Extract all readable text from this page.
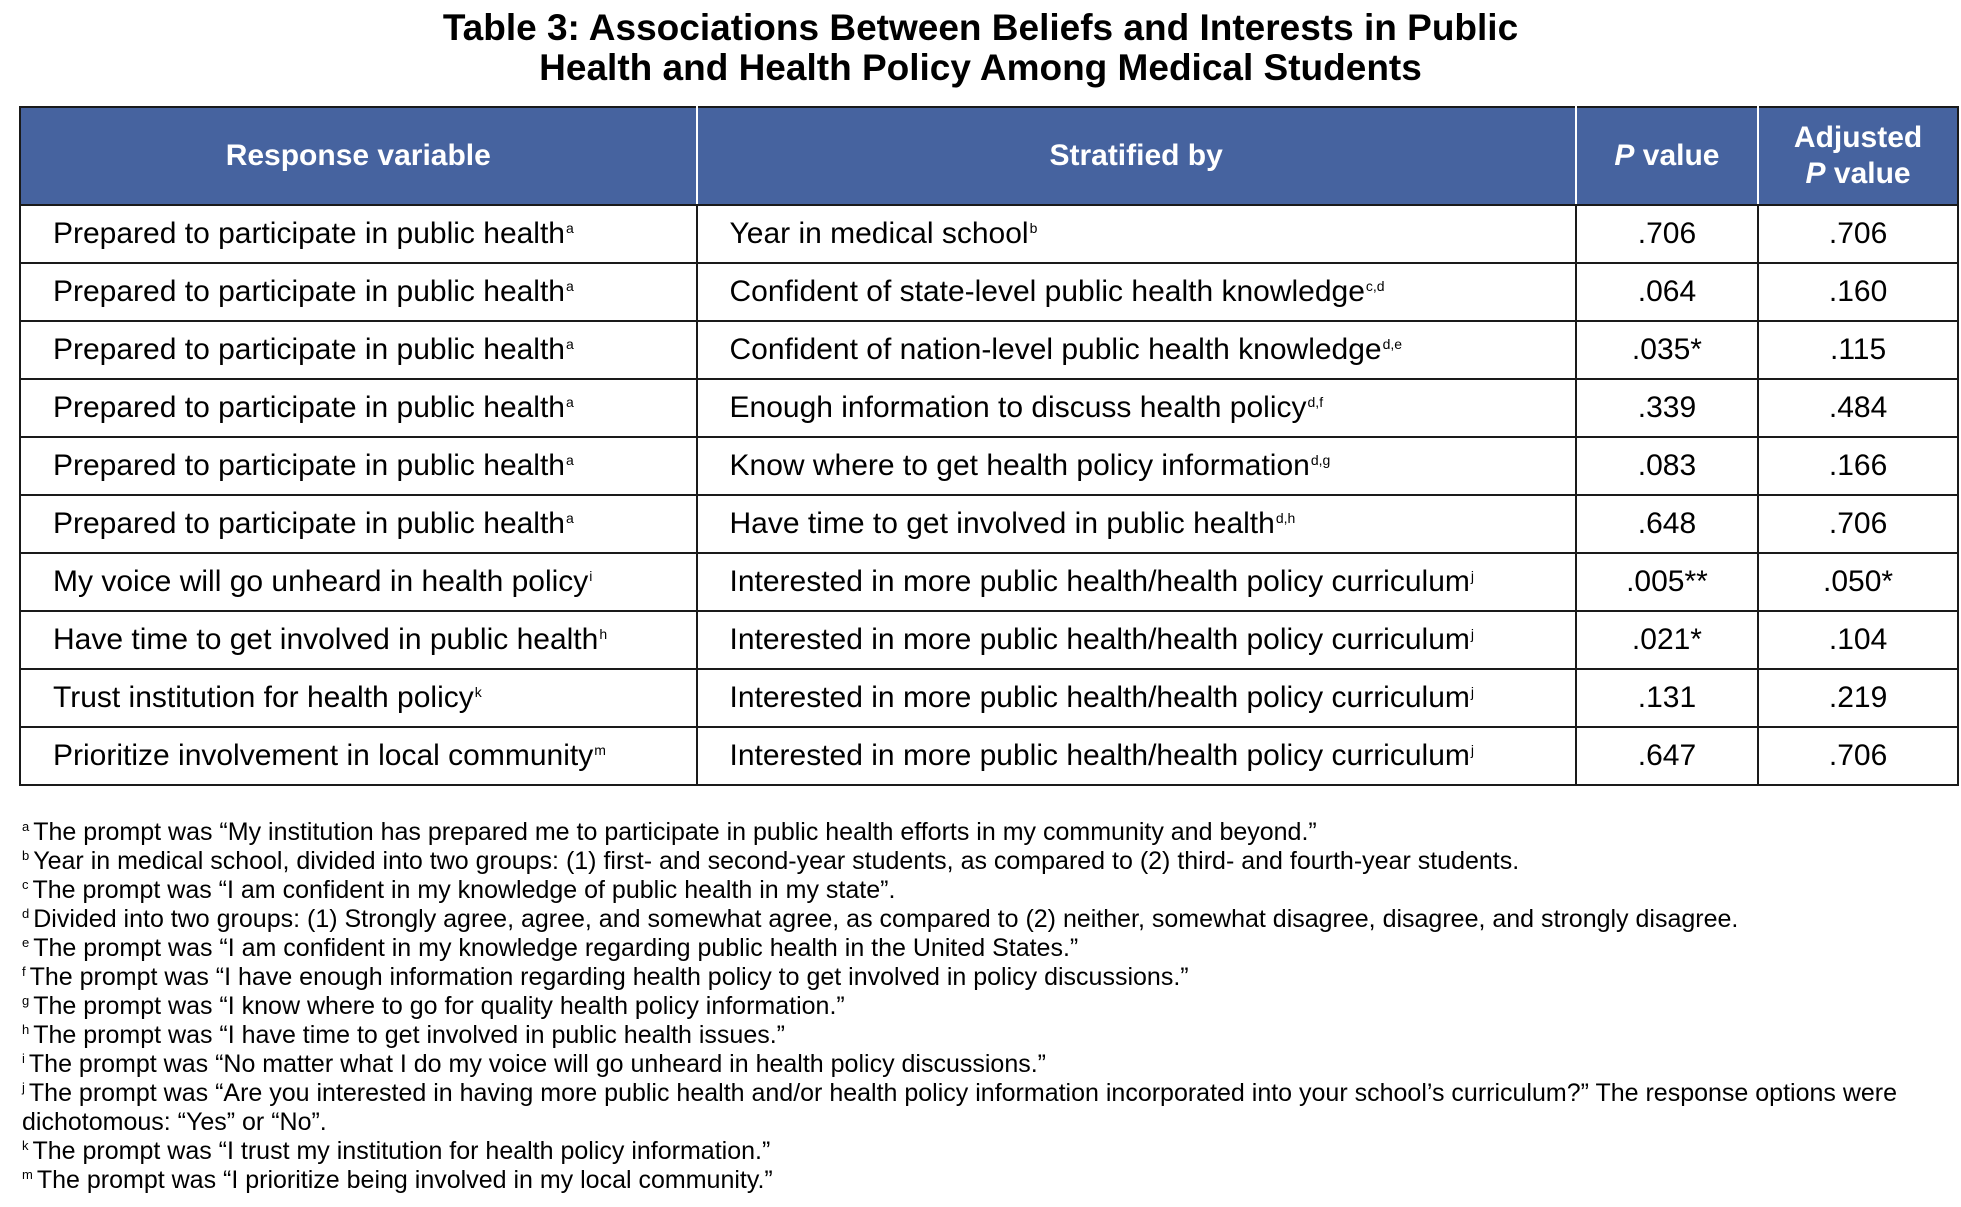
Table 3: Associations Between Beliefs and Interests in Public
Health and Health Policy Among Medical Students
Response variable	Stratified by	P value	Adjusted
P value

Prepared to participate in public health$^a$	Year in medical school$^b$	.706	.706
Prepared to participate in public health$^a$	Confident of state-level public health knowledge$^{c,d}$	.064	.160
Prepared to participate in public health$^a$	Confident of nation-level public health knowledge$^{d,e}$	.035*	.115
Prepared to participate in public health$^a$	Enough information to discuss health policy$^{d,f}$	.339	.484
Prepared to participate in public health$^a$	Know where to get health policy information$^{d,g}$	.083	.166
Prepared to participate in public health$^a$	Have time to get involved in public health$^{d,h}$	.648	.706
My voice will go unheard in health policy$^i$	Interested in more public health/health policy curriculum$^j$	.005**	.050*
Have time to get involved in public health$^h$	Interested in more public health/health policy curriculum$^j$	.021*	.104
Trust institution for health policy$^k$	Interested in more public health/health policy curriculum$^j$	.131	.219
Prioritize involvement in local community$^m$	Interested in more public health/health policy curriculum$^j$	.647	.706
$^a$ The prompt was “My institution has prepared me to participate in public health efforts in my community and beyond.”
$^b$ Year in medical school, divided into two groups: (1) first- and second-year students, as compared to (2) third- and fourth-year students.
$^c$ The prompt was “I am confident in my knowledge of public health in my state”.
$^d$ Divided into two groups: (1) Strongly agree, agree, and somewhat agree, as compared to (2) neither, somewhat disagree, disagree, and strongly disagree.
$^e$ The prompt was “I am confident in my knowledge regarding public health in the United States.”
$^f$ The prompt was “I have enough information regarding health policy to get involved in policy discussions.”
$^g$ The prompt was “I know where to go for quality health policy information.”
$^h$ The prompt was “I have time to get involved in public health issues.”
$^i$ The prompt was “No matter what I do my voice will go unheard in health policy discussions.”
$^j$ The prompt was “Are you interested in having more public health and/or health policy information incorporated into your school’s curriculum?” The response options were dichotomous: “Yes” or “No”.
$^k$ The prompt was “I trust my institution for health policy information.”
$^m$ The prompt was “I prioritize being involved in my local community.”
